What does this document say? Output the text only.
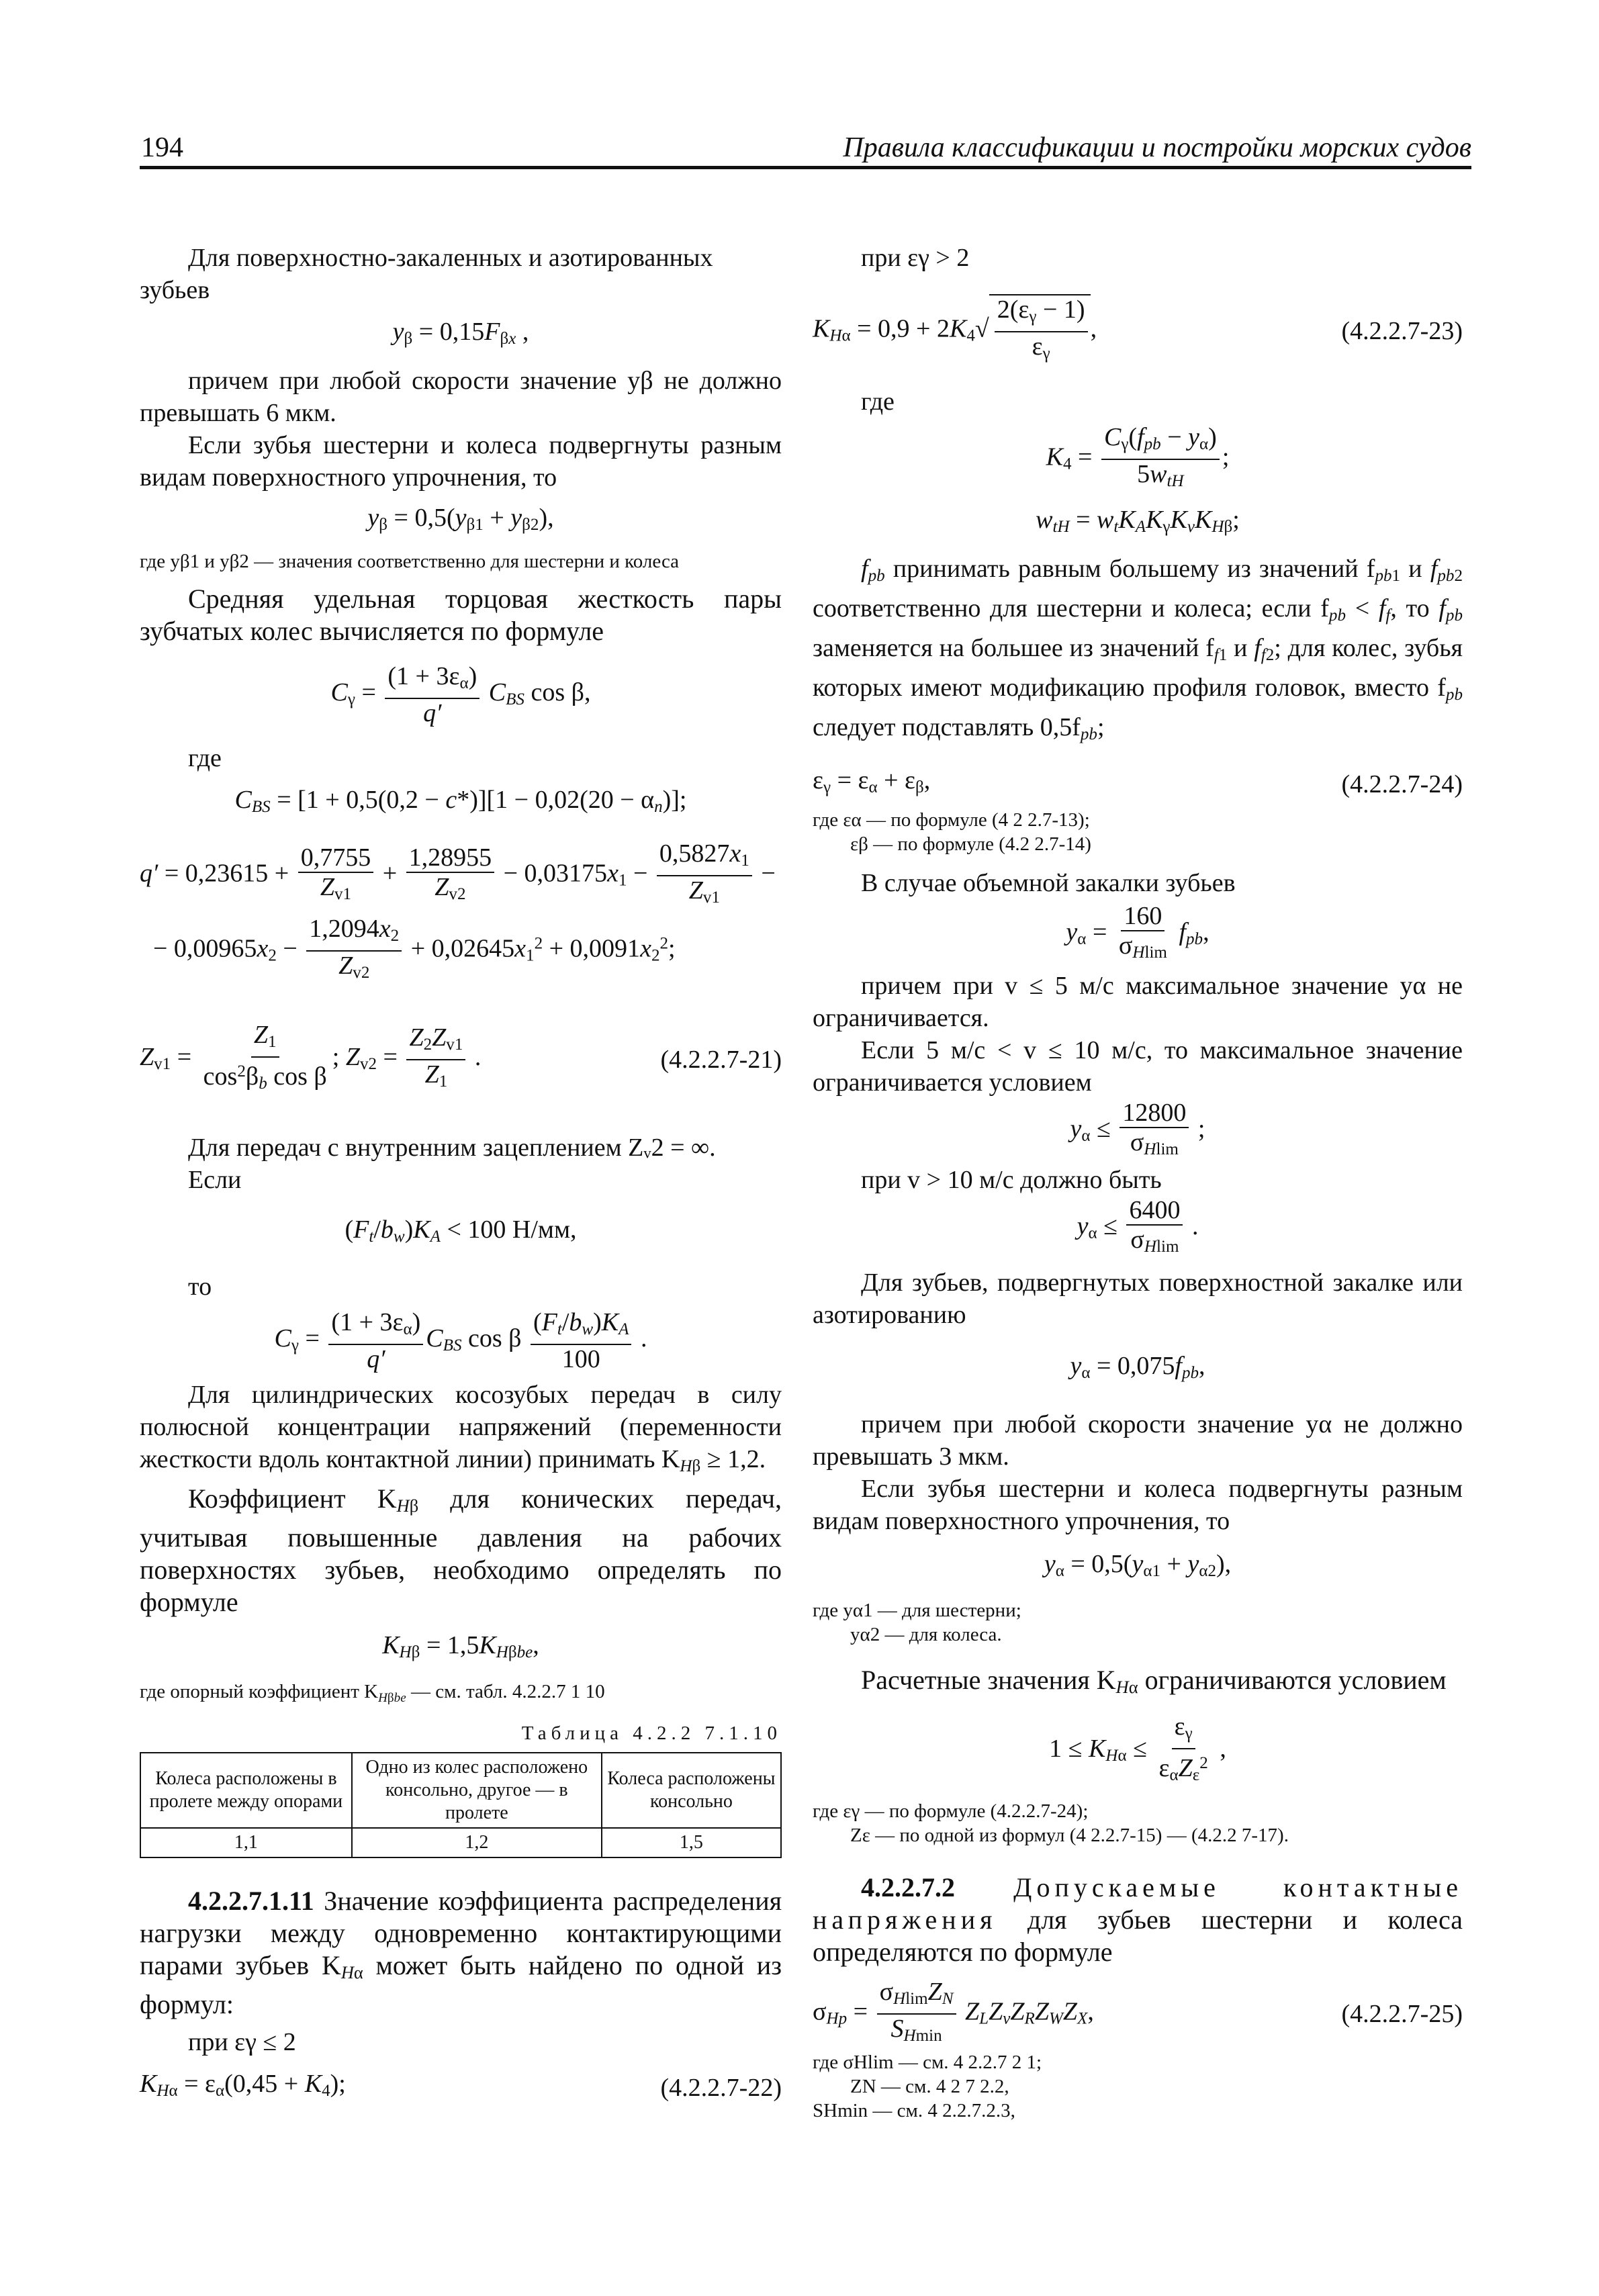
194	Правила классификации и постройки морских судов

Для поверхностно-закаленных и азотированных зубьев

$y_\beta = 0,15F_{\beta x}$ ,

причем при любой скорости значение yβ не должно превышать 6 мкм.

Если зубья шестерни и колеса подвергнуты разным видам поверхностного упрочнения, то

$y_\beta = 0,5(y_{\beta 1} + y_{\beta 2})$,

где yβ1 и yβ2 — значения соответственно для шестерни и колеса

Средняя удельная торцовая жесткость пары зубчатых колес вычисляется по формуле

$C_\gamma = \frac{(1 + 3\varepsilon_\alpha)}{q'} C_{BS}$ cos β,

где

$C_{BS} = [1 + 0,5(0,2 - c*)][1 - 0,02(20 - \alpha_n)]$;

$q' = 0,23615 + \frac{0,7755}{Z_{v1}} + \frac{1,28955}{Z_{v2}} - 0,03175x_1 - \frac{0,5827x_1}{Z_{v1}}$ −

− $0,00965x_2 - \frac{1,2094x_2}{Z_{v2}} + 0,02645x_1^2 + 0,0091x_2^2$;

$Z_{v1} = \frac{Z_1}{\cos^2\beta_b \cos \beta}$ ; $Z_{v2} = \frac{Z_2Z_{v1}}{Z_1}$ .	(4.2.2.7-21)

Для передач с внутренним зацеплением Zᵥ2 = ∞.

Если

$(F_t/b_w)K_A < 100$ Н/мм,

то

$C_\gamma = \frac{(1 + 3\varepsilon_\alpha)}{q'} C_{BS}$ cos β $\frac{(F_t/b_w)K_A}{100}$ .

Для цилиндрических косозубых передач в силу полюсной концентрации напряжений (переменности жесткости вдоль контактной линии) принимать $K_{H\beta} \ge 1,2$.

Коэффициент $K_{H\beta}$ для конических передач, учитывая повышенные давления на рабочих поверхностях зубьев, необходимо определять по формуле

$K_{H\beta} = 1,5K_{H\beta be}$,

где опорный коэффициент $K_{H\beta be}$ — см. табл. 4.2.2.7 1 10

Таблица 4.2.2 7.1.10

Колеса расположены в пролете между опорами	Одно из колес расположено консольно, другое — в пролете	Колеса расположены консольно
1,1	1,2	1,5

4.2.2.7.1.11 Значение коэффициента распределения нагрузки между одновременно контактирующими парами зубьев $K_{H\alpha}$ может быть найдено по одной из формул:

при εγ ≤ 2

$K_{H\alpha} = \varepsilon_\alpha(0,45 + K_4)$;	(4.2.2.7-22)

при εγ > 2

$K_{H\alpha} = 0,9 + 2K_4√$
$2(\varepsilon_\gamma - 1)$
$\varepsilon_\gamma$
,	(4.2.2.7-23)

где

$K_4$ =
$C_\gamma(f_{pb} - y_\alpha)$
$5w_{tH}$
;

$w_{tH} = w_tK_AK_\gamma K_vK_{H\beta}$;

$f_{pb}$ принимать равным большему из значений $f_{pb1}$ и $f_{pb2}$ соответственно для шестерни и колеса; если $f_{pb} < f_f$, то $f_{pb}$ заменяется на большее из значений $f_{f1}$ и $f_{f2}$; для колес, зубья которых имеют модификацию профиля головок, вместо $f_{pb}$ следует подставлять $0,5f_{pb}$;

$\varepsilon_\gamma = \varepsilon_\alpha + \varepsilon_\beta$,	(4.2.2.7-24)

где εα — по формуле (4 2 2.7-13);

εβ — по формуле (4.2 2.7-14)

В случае объемной закалки зубьев

$y_\alpha = \frac{160}{\sigma_{Hlim}} f_{pb}$,

причем при v ≤ 5 м/с максимальное значение yα не ограничивается.

Если 5 м/с < v ≤ 10 м/с, то максимальное значение ограничивается условием

$y_\alpha \le \frac{12800}{\sigma_{Hlim}}$ ;

при v > 10 м/с должно быть

$y_\alpha \le \frac{6400}{\sigma_{Hlim}}$ .

Для зубьев, подвергнутых поверхностной закалке или азотированию

$y_\alpha = 0,075f_{pb}$,

причем при любой скорости значение yα не должно превышать 3 мкм.

Если зубья шестерни и колеса подвергнуты разным видам поверхностного упрочнения, то

$y_\alpha = 0,5(y_{\alpha 1} + y_{\alpha 2})$,

где yα1 — для шестерни;

yα2 — для колеса.

Расчетные значения $K_{H\alpha}$ ограничиваются условием

$1 \le K_{H\alpha}$ ≤
$\varepsilon_\gamma$
$\varepsilon_\alpha Z_\varepsilon^2$
,

где εγ — по формуле (4.2.2.7-24);

Zε — по одной из формул (4 2.2.7-15) — (4.2.2 7-17).

4.2.2.7.2 Допускаемые контактные напряжения для зубьев шестерни и колеса определяются по формуле

$\sigma_{Hp}$ =
$\sigma_{Hlim}Z_N$
$S_{Hmin}$
$Z_LZ_vZ_RZ_WZ_X$,	(4.2.2.7-25)

где σHlim — см. 4 2.2.7 2 1;

ZN — см. 4 2 7 2.2,

SHmin — см. 4 2.2.7.2.3,
